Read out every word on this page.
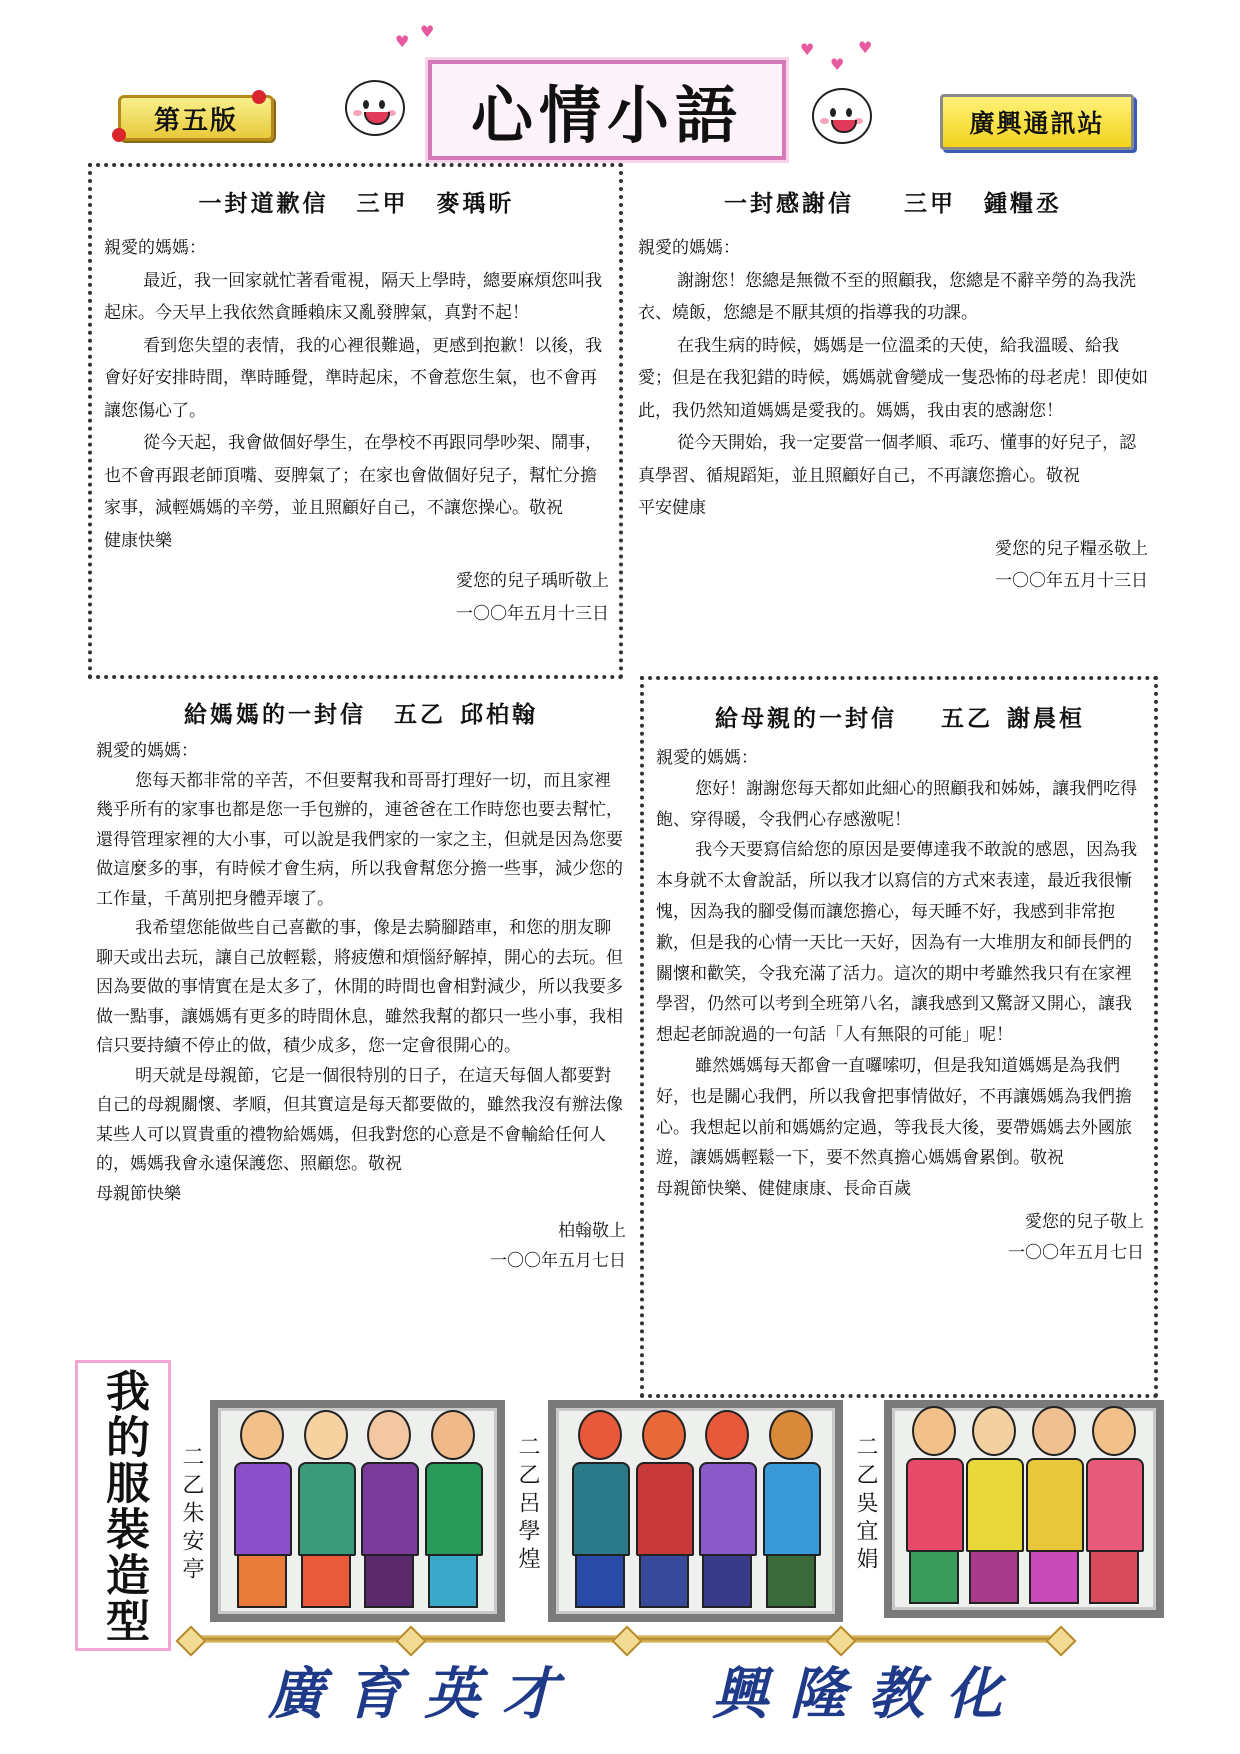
第五版
♥
♥
♥
♥
♥
心情小語	廣興通訊站
一封道歉信 三甲 麥瑀昕

親愛的媽媽：

最近，我一回家就忙著看電視，隔天上學時，總要麻煩您叫我起床。今天早上我依然貪睡賴床又亂發脾氣，真對不起！

看到您失望的表情，我的心裡很難過，更感到抱歉！以後，我會好好安排時間，準時睡覺，準時起床，不會惹您生氣，也不會再讓您傷心了。

從今天起，我會做個好學生，在學校不再跟同學吵架、鬧事，也不會再跟老師頂嘴、耍脾氣了；在家也會做個好兒子，幫忙分擔家事，減輕媽媽的辛勞，並且照顧好自己，不讓您操心。敬祝

健康快樂

愛您的兒子瑀昕敬上

一〇〇年五月十三日

一封感謝信 三甲 鍾糧丞

親愛的媽媽：

謝謝您！您總是無微不至的照顧我，您總是不辭辛勞的為我洗衣、燒飯，您總是不厭其煩的指導我的功課。

在我生病的時候，媽媽是一位溫柔的天使，給我溫暖、給我愛；但是在我犯錯的時候，媽媽就會變成一隻恐怖的母老虎！即使如此，我仍然知道媽媽是愛我的。媽媽，我由衷的感謝您！

從今天開始，我一定要當一個孝順、乖巧、懂事的好兒子，認真學習、循規蹈矩，並且照顧好自己，不再讓您擔心。敬祝

平安健康

愛您的兒子糧丞敬上

一〇〇年五月十三日

給媽媽的一封信 五乙 邱柏翰

親愛的媽媽：

您每天都非常的辛苦，不但要幫我和哥哥打理好一切，而且家裡幾乎所有的家事也都是您一手包辦的，連爸爸在工作時您也要去幫忙，還得管理家裡的大小事，可以說是我們家的一家之主，但就是因為您要做這麼多的事，有時候才會生病，所以我會幫您分擔一些事，減少您的工作量，千萬別把身體弄壞了。

我希望您能做些自己喜歡的事，像是去騎腳踏車，和您的朋友聊聊天或出去玩，讓自己放輕鬆，將疲憊和煩惱紓解掉，開心的去玩。但因為要做的事情實在是太多了，休閒的時間也會相對減少，所以我要多做一點事，讓媽媽有更多的時間休息，雖然我幫的都只一些小事，我相信只要持續不停止的做，積少成多，您一定會很開心的。

明天就是母親節，它是一個很特別的日子，在這天每個人都要對自己的母親關懷、孝順，但其實這是每天都要做的，雖然我沒有辦法像某些人可以買貴重的禮物給媽媽，但我對您的心意是不會輸給任何人的，媽媽我會永遠保護您、照顧您。敬祝

母親節快樂

柏翰敬上

一〇〇年五月七日

給母親的一封信 五乙 謝晨桓

親愛的媽媽：

您好！謝謝您每天都如此細心的照顧我和姊姊，讓我們吃得飽、穿得暖，令我們心存感激呢！

我今天要寫信給您的原因是要傳達我不敢說的感恩，因為我本身就不太會說話，所以我才以寫信的方式來表達，最近我很慚愧，因為我的腳受傷而讓您擔心，每天睡不好，我感到非常抱歉，但是我的心情一天比一天好，因為有一大堆朋友和師長們的關懷和歡笑，令我充滿了活力。這次的期中考雖然我只有在家裡學習，仍然可以考到全班第八名，讓我感到又驚訝又開心，讓我想起老師說過的一句話「人有無限的可能」呢！

雖然媽媽每天都會一直囉嗦叨，但是我知道媽媽是為我們好，也是關心我們，所以我會把事情做好，不再讓媽媽為我們擔心。我想起以前和媽媽約定過，等我長大後，要帶媽媽去外國旅遊，讓媽媽輕鬆一下，要不然真擔心媽媽會累倒。敬祝

母親節快樂、健健康康、長命百歲

愛您的兒子敬上

一〇〇年五月七日

我的服裝造型	二乙朱安亭	二乙呂學煌	二乙吳宜娟
廣育英才 興隆教化
